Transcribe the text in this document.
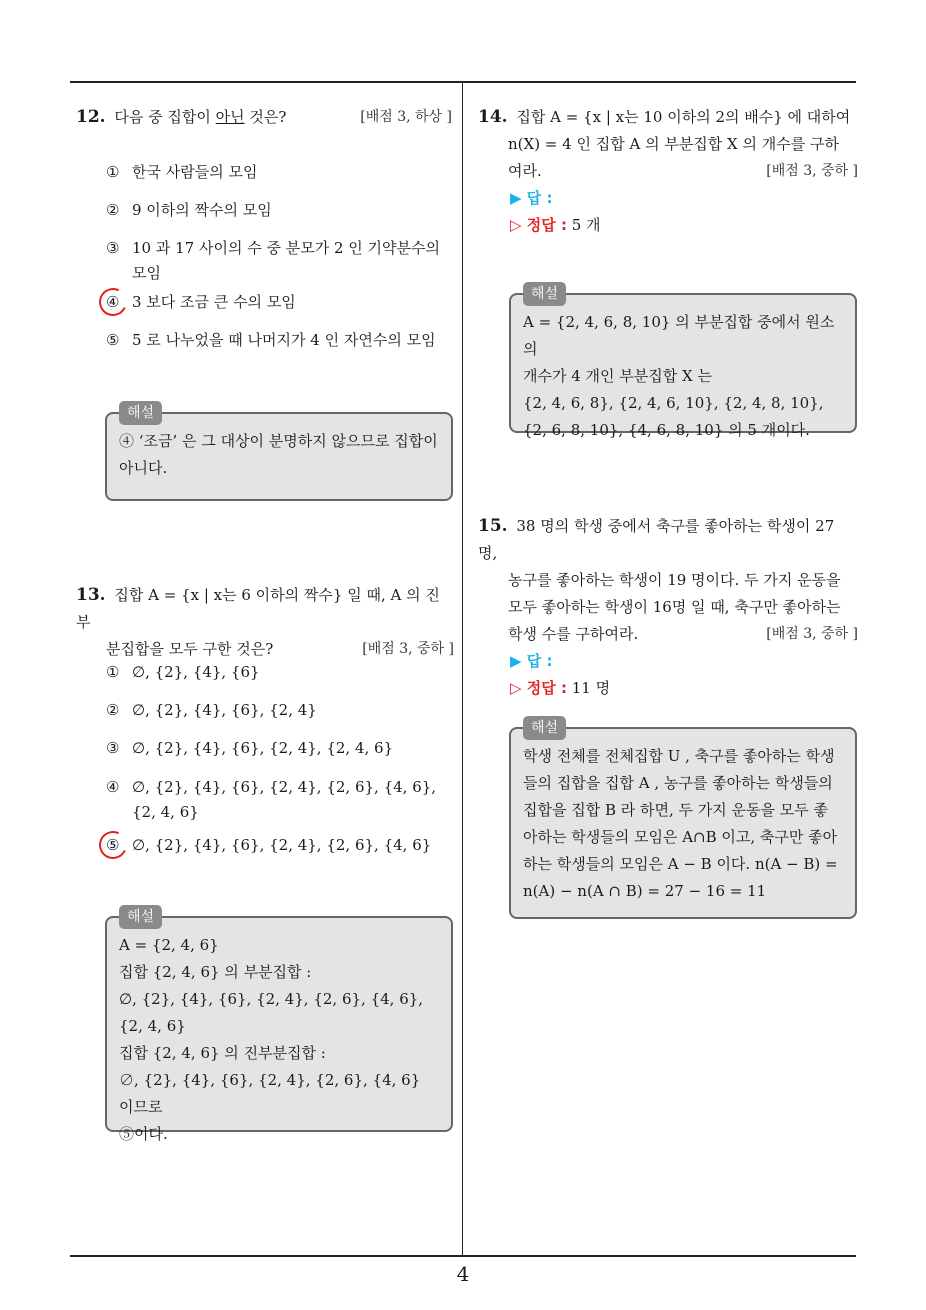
12. 다음 중 집합이 아닌 것은?	[배점 3, 하상 ]
① 한국 사람들의 모임
② 9 이하의 짝수의 모임
③ 10 과 17 사이의 수 중 분모가 2 인 기약분수의
모임
④ 3 보다 조금 큰 수의 모임
⑤ 5 로 나누었을 때 나머지가 4 인 자연수의 모임
해설
④ ‘조금’ 은 그 대상이 분명하지 않으므로 집합이
아니다.
13. 집합 A = {x | x는 6 이하의 짝수} 일 때, A 의 진부
분집합을 모두 구한 것은?	[배점 3, 중하 ]
① ∅, {2}, {4}, {6}
② ∅, {2}, {4}, {6}, {2, 4}
③ ∅, {2}, {4}, {6}, {2, 4}, {2, 4, 6}
④ ∅, {2}, {4}, {6}, {2, 4}, {2, 6}, {4, 6},
{2, 4, 6}
⑤ ∅, {2}, {4}, {6}, {2, 4}, {2, 6}, {4, 6}
해설
A = {2, 4, 6}
집합 {2, 4, 6} 의 부분집합 :
∅, {2}, {4}, {6}, {2, 4}, {2, 6}, {4, 6},
{2, 4, 6}
집합 {2, 4, 6} 의 진부분집합 :
∅, {2}, {4}, {6}, {2, 4}, {2, 6}, {4, 6} 이므로
⑤이다.
14. 집합 A = {x | x는 10 이하의 2의 배수} 에 대하여
n(X) = 4 인 집합 A 의 부분집합 X 의 개수를 구하
여라.	[배점 3, 중하 ]
▶ 답 :
▷ 정답 : 5 개
해설
A = {2, 4, 6, 8, 10} 의 부분집합 중에서 원소의
개수가 4 개인 부분집합 X 는
{2, 4, 6, 8}, {2, 4, 6, 10}, {2, 4, 8, 10},
{2, 6, 8, 10}, {4, 6, 8, 10} 의 5 개이다.
15. 38 명의 학생 중에서 축구를 좋아하는 학생이 27 명,
농구를 좋아하는 학생이 19 명이다. 두 가지 운동을
모두 좋아하는 학생이 16명 일 때, 축구만 좋아하는
학생 수를 구하여라.	[배점 3, 중하 ]
▶ 답 :
▷ 정답 : 11 명
해설
학생 전체를 전체집합 U , 축구를 좋아하는 학생
들의 집합을 집합 A , 농구를 좋아하는 학생들의
집합을 집합 B 라 하면, 두 가지 운동을 모두 좋
아하는 학생들의 모임은 A∩B 이고, 축구만 좋아
하는 학생들의 모임은 A − B 이다. n(A − B) =
n(A) − n(A ∩ B) = 27 − 16 = 11
4
